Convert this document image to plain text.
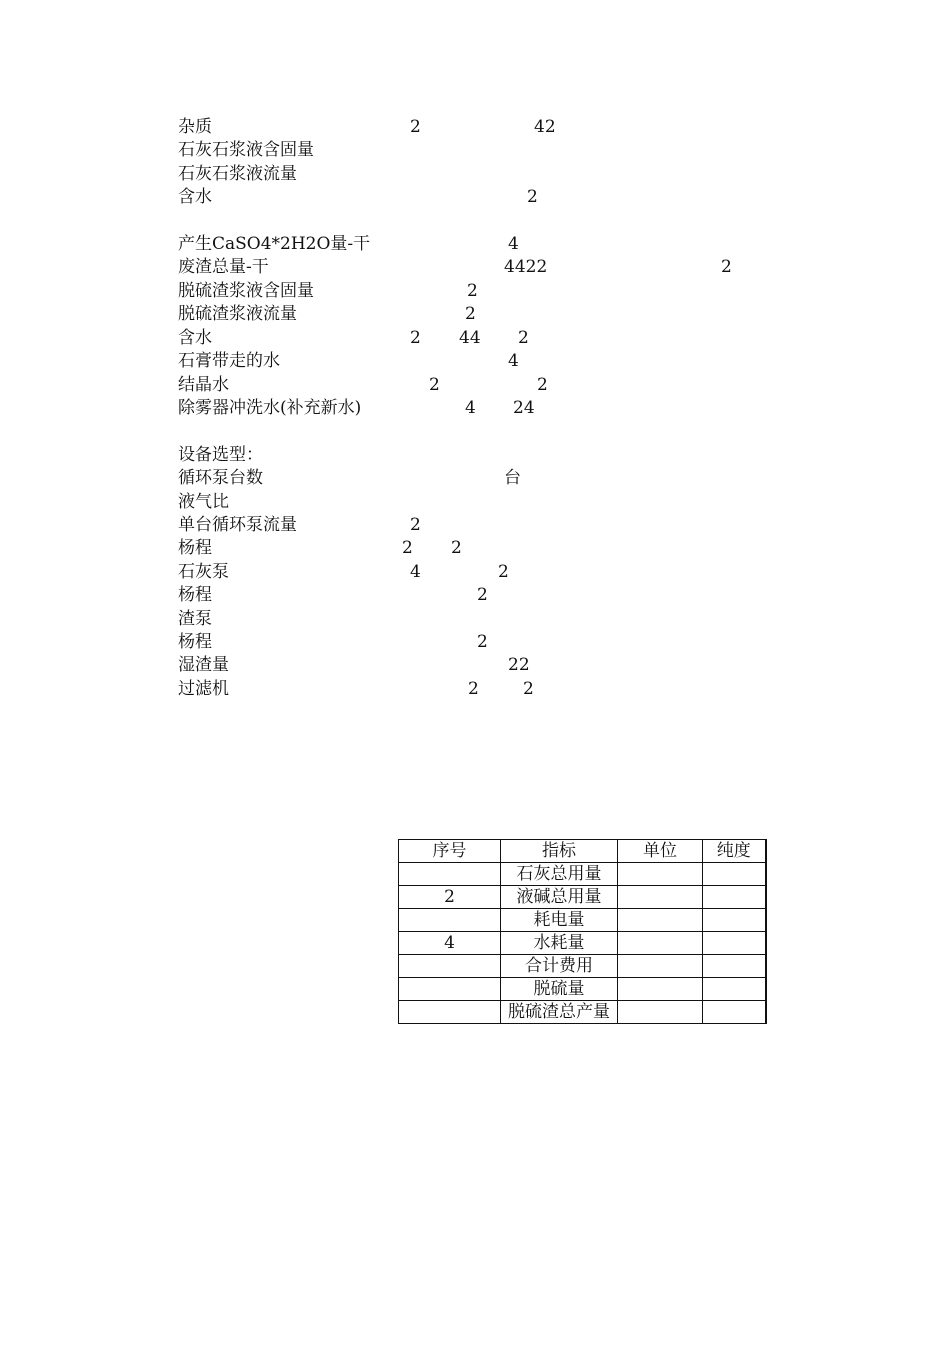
杂质	2	42
石灰石浆液含固量
石灰石浆液流量
含水	2
产生CaSO4*2H2O量-干	4
废渣总量-干	4422	2
脱硫渣浆液含固量	2
脱硫渣浆液流量	2
含水	2 44 2
石膏带走的水	4
结晶水	2	2
除雾器冲洗水(补充新水)	4 24
设备选型：
循环泵台数	台
液气比
单台循环泵流量	2
杨程	2 2
石灰泵	4	2
杨程	2
渣泵
杨程	2
湿渣量	22
过滤机	2	2
序号	指标	单位	纯度
	石灰总用量		
2	液碱总用量		
	耗电量		
4	水耗量		
	合计费用		
	脱硫量		
	脱硫渣总产量		
